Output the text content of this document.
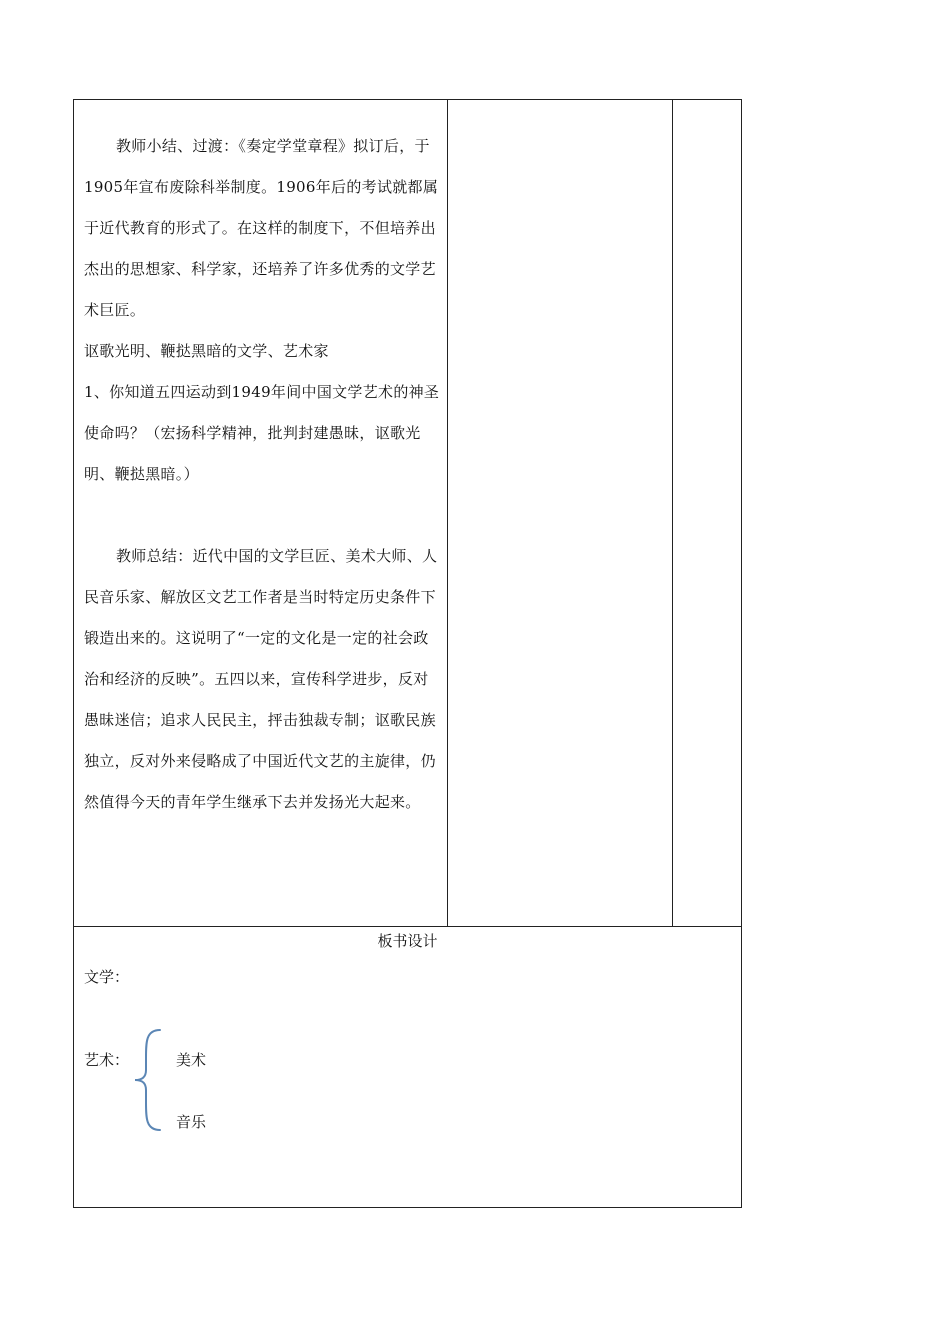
教师小结、过渡：《奏定学堂章程》拟订后，于1905年宣布废除科举制度。1906年后的考试就都属于近代教育的形式了。在这样的制度下，不但培养出杰出的思想家、科学家，还培养了许多优秀的文学艺术巨匠。

讴歌光明、鞭挞黑暗的文学、艺术家

1、你知道五四运动到1949年间中国文学艺术的神圣使命吗？（宏扬科学精神，批判封建愚昧，讴歌光明、鞭挞黑暗。）

教师总结：近代中国的文学巨匠、美术大师、人民音乐家、解放区文艺工作者是当时特定历史条件下锻造出来的。这说明了“一定的文化是一定的社会政治和经济的反映”。五四以来，宣传科学进步，反对愚昧迷信；追求人民民主，抨击独裁专制；讴歌民族独立，反对外来侵略成了中国近代文艺的主旋律，仍然值得今天的青年学生继承下去并发扬光大起来。

板书设计
文学：
艺术：	美术
音乐
